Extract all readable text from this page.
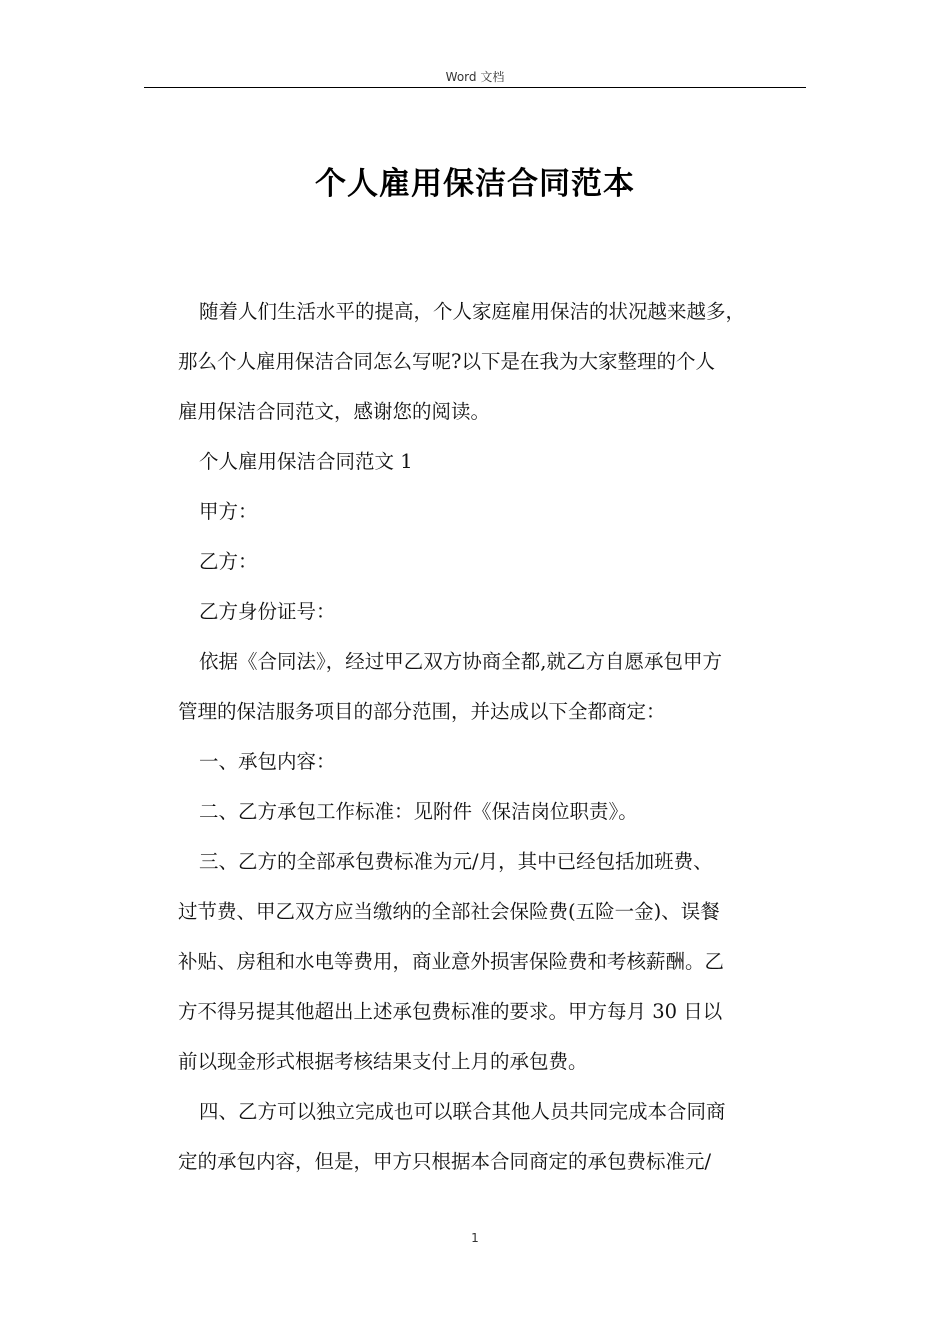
Word 文档
个人雇用保洁合同范本

随着人们生活水平的提高，个人家庭雇用保洁的状况越来越多，

那么个人雇用保洁合同怎么写呢?以下是在我为大家整理的个人

雇用保洁合同范文，感谢您的阅读。

个人雇用保洁合同范文 1

甲方：

乙方：

乙方身份证号：

依据《合同法》，经过甲乙双方协商全都,就乙方自愿承包甲方

管理的保洁服务项目的部分范围，并达成以下全都商定：

一、承包内容：

二、乙方承包工作标准：见附件《保洁岗位职责》。

三、乙方的全部承包费标准为元/月，其中已经包括加班费、

过节费、甲乙双方应当缴纳的全部社会保险费(五险一金)、误餐

补贴、房租和水电等费用，商业意外损害保险费和考核薪酬。乙

方不得另提其他超出上述承包费标准的要求。甲方每月 30 日以

前以现金形式根据考核结果支付上月的承包费。

四、乙方可以独立完成也可以联合其他人员共同完成本合同商

定的承包内容，但是，甲方只根据本合同商定的承包费标准元/

1
